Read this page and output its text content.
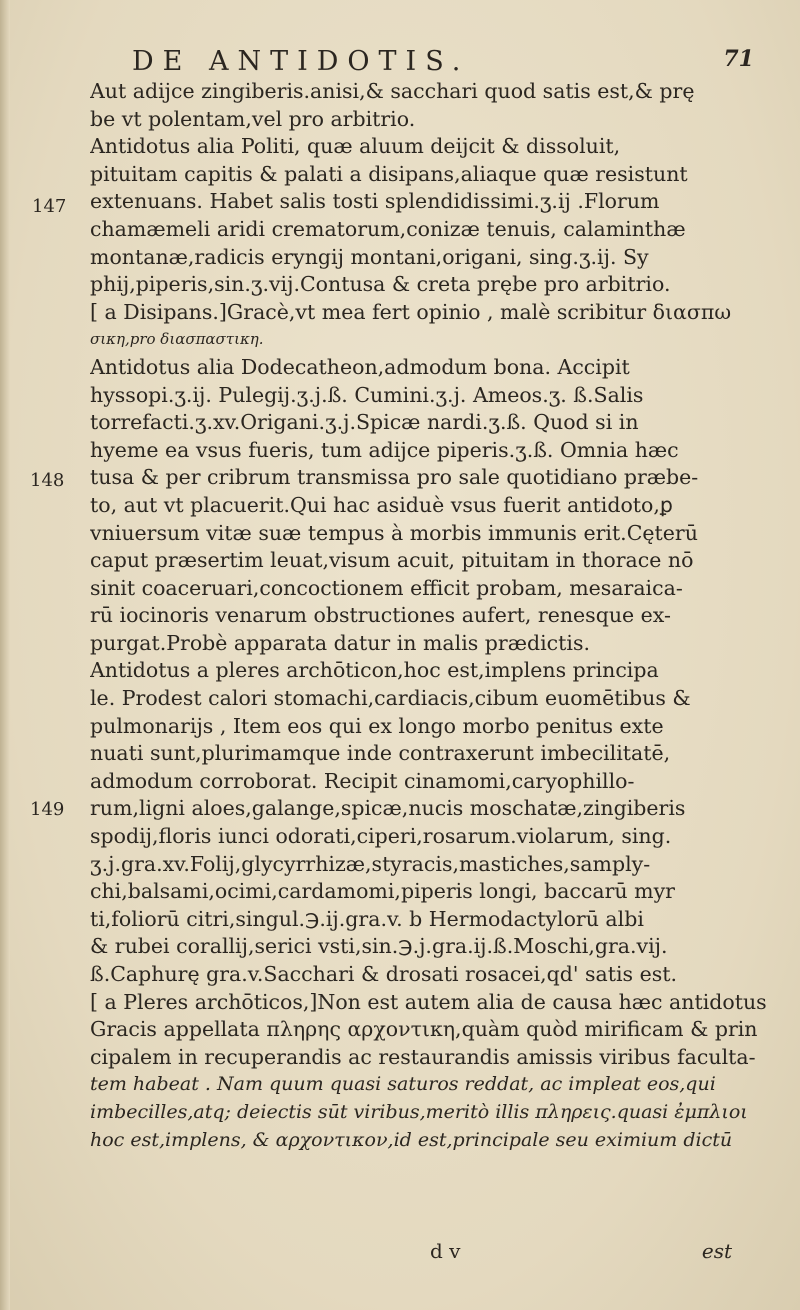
DE ANTIDOTIS.	71
147
148
149
Aut adijce zingiberis.anisi,& sacchari quod satis est,& prę
be vt polentam,vel pro arbitrio.
Antidotus alia Politi, quæ aluum deijcit & dissoluit,
pituitam capitis & palati a disipans,aliaque quæ resistunt
extenuans. Habet salis tosti splendidissimi.ʒ.ij .Florum
chamæmeli aridi crematorum,conizæ tenuis, calaminthæ
montanæ,radicis eryngij montani,origani, sing.ʒ.ij. Sy
phij,piperis,sin.ʒ.vij.Contusa & creta prębe pro arbitrio.
[ a Disipans.]Gracè,vt mea fert opinio , malè scribitur διασπω
σικη,pro διασπαστικη.
Antidotus alia Dodecatheon,admodum bona. Accipit
hyssopi.ʒ.ij. Pulegij.ʒ.j.ß. Cumini.ʒ.j. Ameos.ʒ. ß.Salis
torrefacti.ʒ.xv.Origani.ʒ.j.Spicæ nardi.ʒ.ß. Quod si in
hyeme ea vsus fueris, tum adijce piperis.ʒ.ß. Omnia hæc
tusa & per cribrum transmissa pro sale quotidiano præbe-
to, aut vt placuerit.Qui hac asiduè vsus fuerit antidoto,ꝑ
vniuersum vitæ suæ tempus à morbis immunis erit.Cęterū
caput præsertim leuat,visum acuit, pituitam in thorace nō
sinit coaceruari,concoctionem efficit probam, mesaraica-
rū iocinoris venarum obstructiones aufert, renesque ex-
purgat.Probè apparata datur in malis prædictis.
Antidotus a pleres archōticon,hoc est,implens principa
le. Prodest calori stomachi,cardiacis,cibum euomētibus &
pulmonarijs , Item eos qui ex longo morbo penitus exte
nuati sunt,plurimamque inde contraxerunt imbecilitatē,
admodum corroborat. Recipit cinamomi,caryophillo-
rum,ligni aloes,galange,spicæ,nucis moschatæ,zingiberis
spodij,floris iunci odorati,ciperi,rosarum.violarum, sing.
ʒ.j.gra.xv.Folij,glycyrrhizæ,styracis,mastiches,samply-
chi,balsami,ocimi,cardamomi,piperis longi, baccarū myr
ti,foliorū citri,singul.℈.ij.gra.v. b Hermodactylorū albi
& rubei corallij,serici vsti,sin.℈.j.gra.ij.ß.Moschi,gra.vij.
ß.Caphurę gra.v.Sacchari & drosati rosacei,qd' satis est.
[ a Pleres archōticos,]Non est autem alia de causa hæc antidotus
Gracis appellata πληρης αρχοντικη,quàm quòd mirificam & prin
cipalem in recuperandis ac restaurandis amissis viribus faculta-
tem habeat . Nam quum quasi saturos reddat, ac impleat eos,qui
imbecilles,atq; deiectis sūt viribus,meritò illis πληρεις.quasi ἐμπλιοι
hoc est,implens, & αρχοντικον,id est,principale seu eximium dictū
d v	est
